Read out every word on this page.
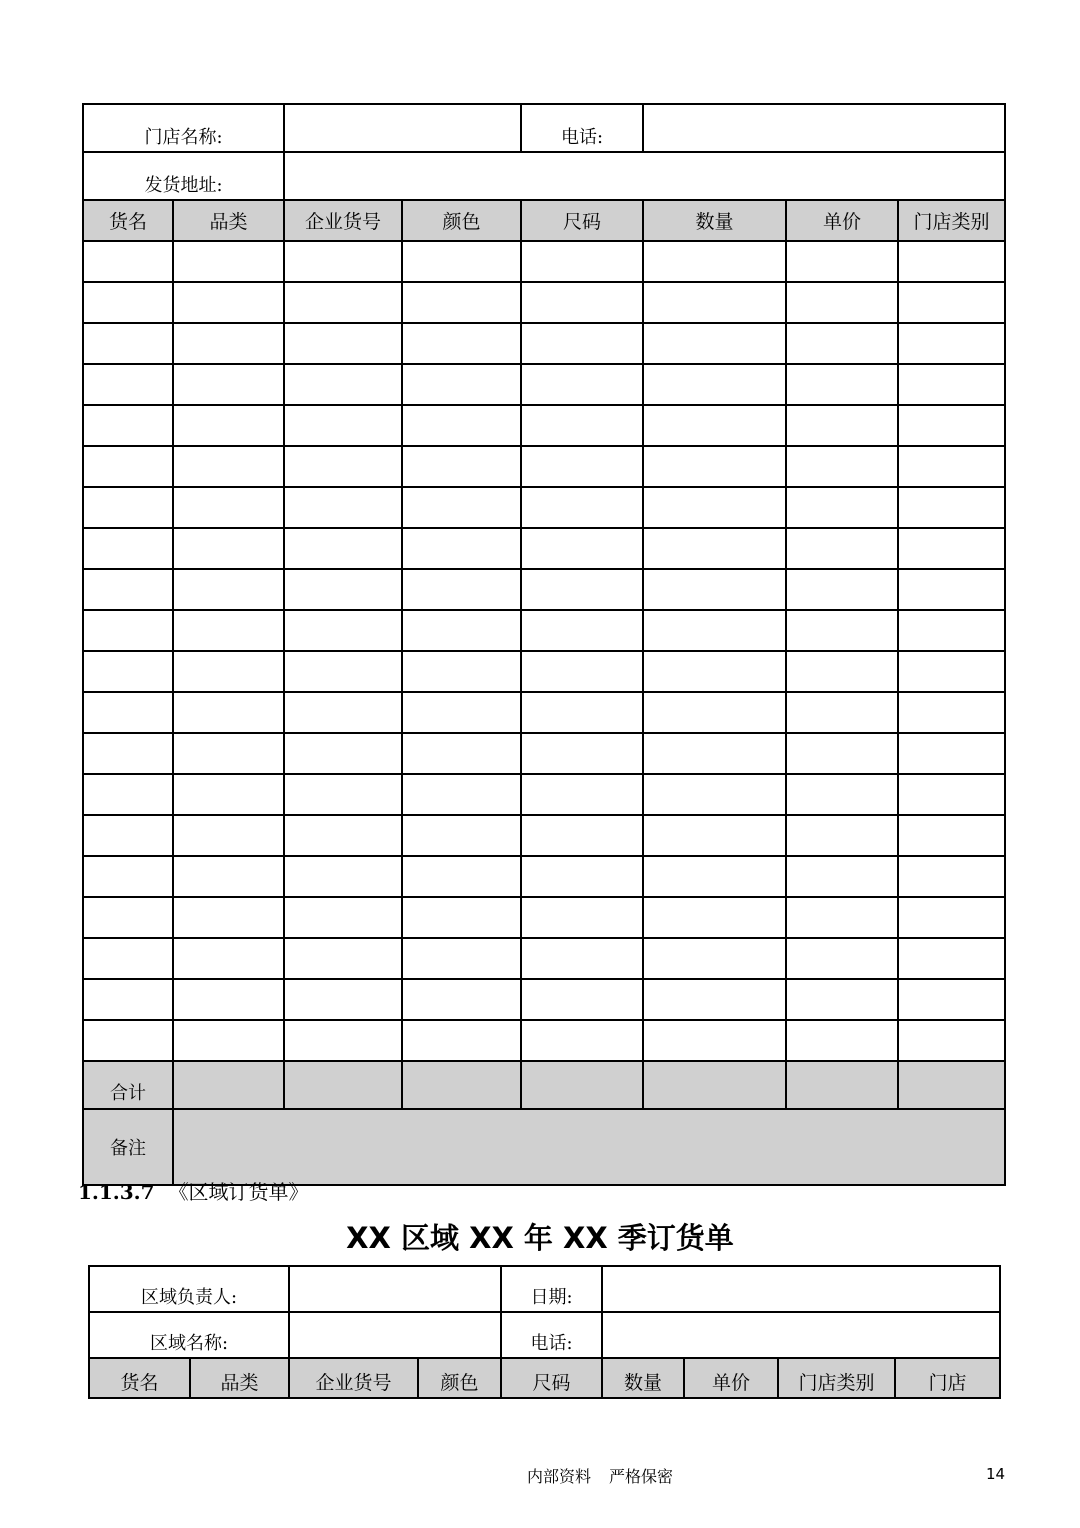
门店名称:				电话:			
发货地址:							
货名	品类	企业货号	颜色	尺码	数量	单价	门店类别

合计							
备注							
1.1.3.7 《区域订货单》
XX 区域 XX 年 XX 季订货单
区域负责人:				日期:				
区域名称:				电话:				
货名	品类	企业货号	颜色	尺码	数量	单价	门店类别	门店
内部资料 严格保密	14
